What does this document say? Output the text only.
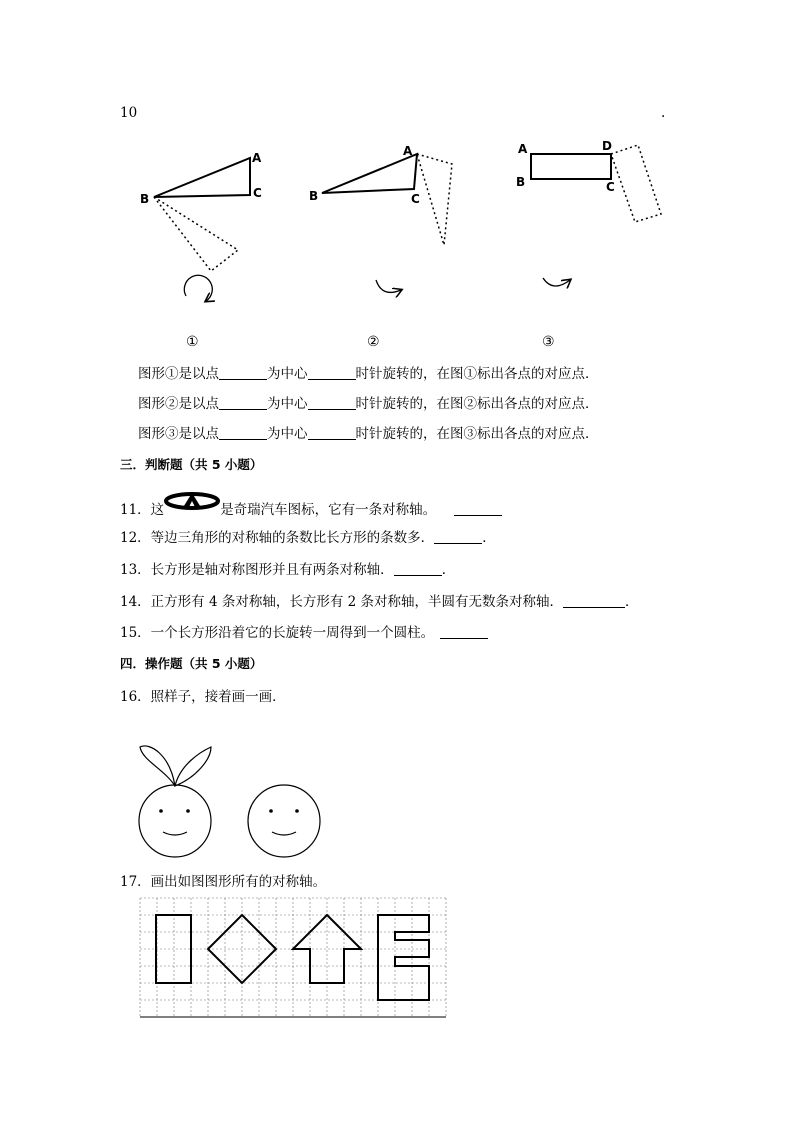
10	.
A
B	C
A
B	C
A
B	C
D
①	②	③
图形①是以点	为中心	时针旋转的，在图①标出各点的对应点．
图形②是以点	为中心	时针旋转的，在图②标出各点的对应点．
图形③是以点	为中心	时针旋转的，在图③标出各点的对应点．
三．判断题（共 5 小题）
11．这	是奇瑞汽车图标，它有一条对称轴。
12．等边三角形的对称轴的条数比长方形的条数多．	．
13．长方形是轴对称图形并且有两条对称轴．	．
14．正方形有 4 条对称轴，长方形有 2 条对称轴，半圆有无数条对称轴．	．
15．一个长方形沿着它的长旋转一周得到一个圆柱。
四．操作题（共 5 小题）
16．照样子，接着画一画．
17．画出如图图形所有的对称轴。
